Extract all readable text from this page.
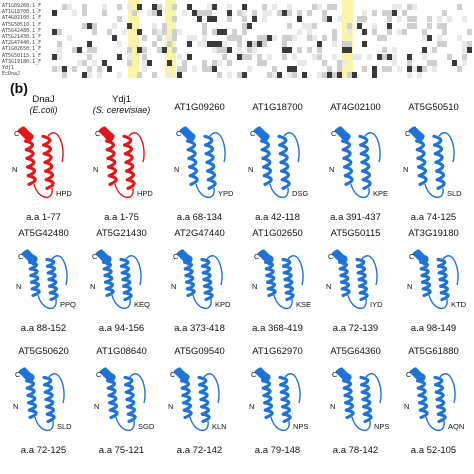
AT1G09260.1_F
AT1G18700.1_F
AT4G02100.1_F
AT5G50510.1_F
AT5G42480.1_F
AT5G21430.1_F
AT2G47440.1_F
AT1G02650.1_F
AT5G50115.1_F
AT3G19180.1_F
Ydj1
EcDnaJ
(b)
DnaJ
(E.coli)
C
N
HPD
a.a 1-77
Ydj1
(S. cerevisiae)
C
N
HPD
a.a 1-75
AT1G09260
C
N
YPD
a.a 68-134
AT1G18700
C
N
DSG
a.a 42-118
AT4G02100
C
N
KPE
a.a 391-437
AT5G50510
C
N
SLD
a.a 74-125
AT5G42480
C
N
PPQ
a.a 88-152
AT5G21430
C
N
KEQ
a.a 94-156
AT2G47440
C
N
KPD
a.a 373-418
AT1G02650
C
N
KSE
a.a 368-419
AT5G50115
C
N
IYD
a.a 72-139
AT3G19180
C
N
KTD
a.a 98-149
AT5G50620
C
N
SLD
a.a 72-125
AT1G08640
C
N
SGD
a.a 75-121
AT5G09540
C
N
KLN
a.a 72-142
AT1G62970
C
N
NPS
a.a 79-148
AT5G64360
C
N
NPS
a.a 78-142
AT5G61880
C
N
AQN
a.a 52-105
